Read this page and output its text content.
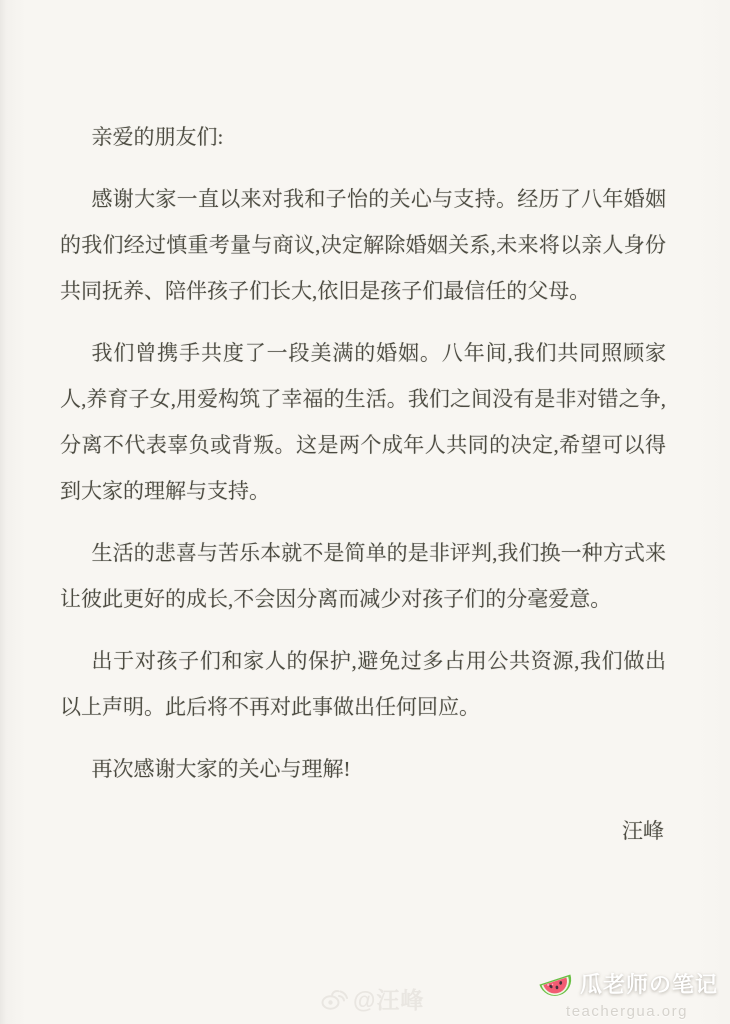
亲爱的朋友们:

感谢大家一直以来对我和子怡的关心与支持。经历了八年婚姻的我们经过慎重考量与商议,决定解除婚姻关系,未来将以亲人身份共同抚养、陪伴孩子们长大,依旧是孩子们最信任的父母。

我们曾携手共度了一段美满的婚姻。八年间,我们共同照顾家人,养育子女,用爱构筑了幸福的生活。我们之间没有是非对错之争,分离不代表辜负或背叛。这是两个成年人共同的决定,希望可以得到大家的理解与支持。

生活的悲喜与苦乐本就不是简单的是非评判,我们换一种方式来让彼此更好的成长,不会因分离而减少对孩子们的分毫爱意。

出于对孩子们和家人的保护,避免过多占用公共资源,我们做出以上声明。此后将不再对此事做出任何回应。

再次感谢大家的关心与理解!

汪峰

@汪峰
瓜老师の笔记
teachergua.org
